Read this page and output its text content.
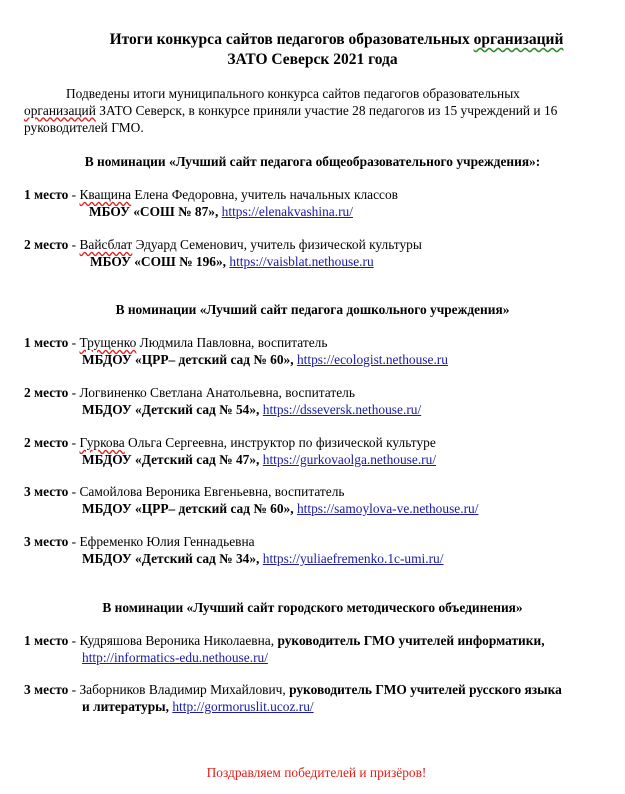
Итоги конкурса сайтов педагогов образовательных организаций
ЗАТО Северск 2021 года

Подведены итоги муниципального конкурса сайтов педагогов образовательных

организаций ЗАТО Северск, в конкурсе приняли участие 28 педагогов из 15 учреждений и 16

руководителей ГМО.

В номинации «Лучший сайт педагога общеобразовательного учреждения»:
1 место - Кващина Елена Федоровна, учитель начальных классов
МБОУ «СОШ № 87», https://elenakvashina.ru/
2 место - Вайсблат Эдуард Семенович, учитель физической культуры
МБОУ «СОШ № 196», https://vaisblat.nethouse.ru
В номинации «Лучший сайт педагога дошкольного учреждения»
1 место - Трущенко Людмила Павловна, воспитатель
МБДОУ «ЦРР– детский сад № 60», https://ecologist.nethouse.ru
2 место - Логвиненко Светлана Анатольевна, воспитатель
МБДОУ «Детский сад № 54», https://dsseversk.nethouse.ru/
2 место - Гуркова Ольга Сергеевна, инструктор по физической культуре
МБДОУ «Детский сад № 47», https://gurkovaolga.nethouse.ru/
3 место - Самойлова Вероника Евгеньевна, воспитатель
МБДОУ «ЦРР– детский сад № 60», https://samoylova-ve.nethouse.ru/
3 место - Ефременко Юлия Геннадьевна
МБДОУ «Детский сад № 34», https://yuliaefremenko.1c-umi.ru/
В номинации «Лучший сайт городского методического объединения»
1 место - Кудряшова Вероника Николаевна, руководитель ГМО учителей информатики,
http://informatics-edu.nethouse.ru/
3 место - Заборников Владимир Михайлович, руководитель ГМО учителей русского языка
и литературы, http://gormoruslit.ucoz.ru/
Поздравляем победителей и призёров!
